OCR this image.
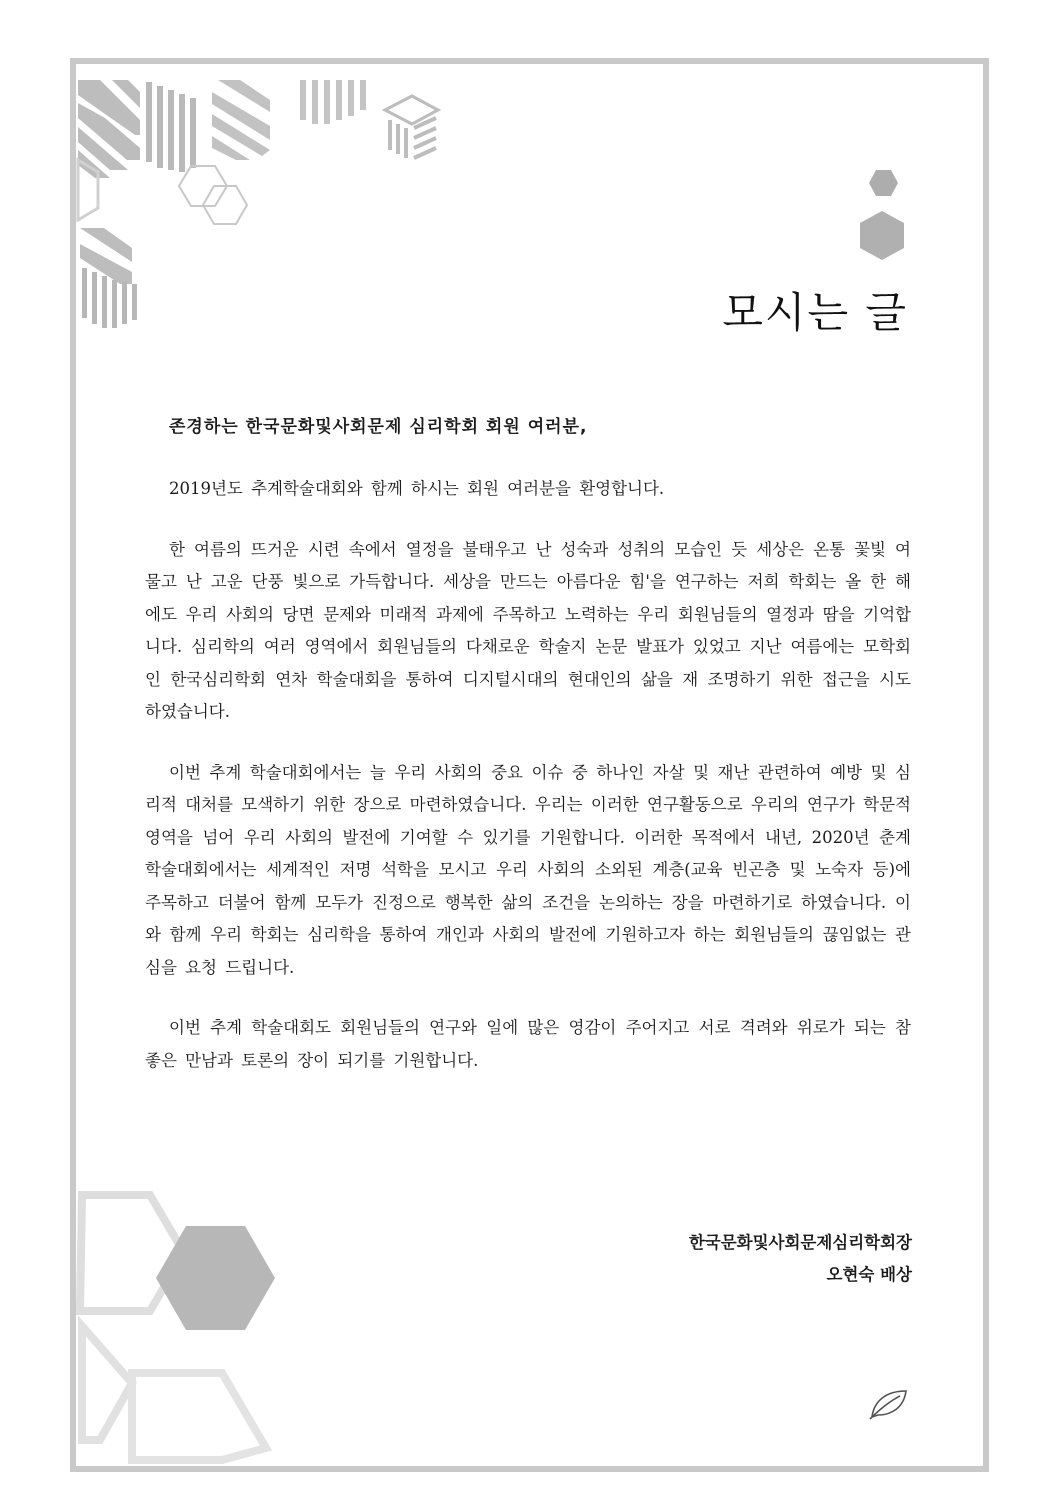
모시는 글

존경하는 한국문화및사회문제 심리학회 회원 여러분,

2019년도 추계학술대회와 함께 하시는 회원 여러분을 환영합니다.

한 여름의 뜨거운 시련 속에서 열정을 불태우고 난 성숙과 성취의 모습인 듯 세상은 온통 꽃빛 여물고 난 고운 단풍 빛으로 가득합니다. 세상을 만드는 아름다운 힘'을 연구하는 저희 학회는 올 한 해에도 우리 사회의 당면 문제와 미래적 과제에 주목하고 노력하는 우리 회원님들의 열정과 땀을 기억합니다. 심리학의 여러 영역에서 회원님들의 다채로운 학술지 논문 발표가 있었고 지난 여름에는 모학회인 한국심리학회 연차 학술대회을 통하여 디지털시대의 현대인의 삶을 재 조명하기 위한 접근을 시도하였습니다.

이번 추계 학술대회에서는 늘 우리 사회의 중요 이슈 중 하나인 자살 및 재난 관련하여 예방 및 심리적 대처를 모색하기 위한 장으로 마련하였습니다. 우리는 이러한 연구활동으로 우리의 연구가 학문적 영역을 넘어 우리 사회의 발전에 기여할 수 있기를 기원합니다. 이러한 목적에서 내년, 2020년 춘계 학술대회에서는 세계적인 저명 석학을 모시고 우리 사회의 소외된 계층(교육 빈곤층 및 노숙자 등)에 주목하고 더불어 함께 모두가 진정으로 행복한 삶의 조건을 논의하는 장을 마련하기로 하였습니다. 이와 함께 우리 학회는 심리학을 통하여 개인과 사회의 발전에 기원하고자 하는 회원님들의 끊임없는 관심을 요청 드립니다.

이번 추계 학술대회도 회원님들의 연구와 일에 많은 영감이 주어지고 서로 격려와 위로가 되는 참 좋은 만남과 토론의 장이 되기를 기원합니다.

한국문화및사회문제심리학회장
오현숙 배상
